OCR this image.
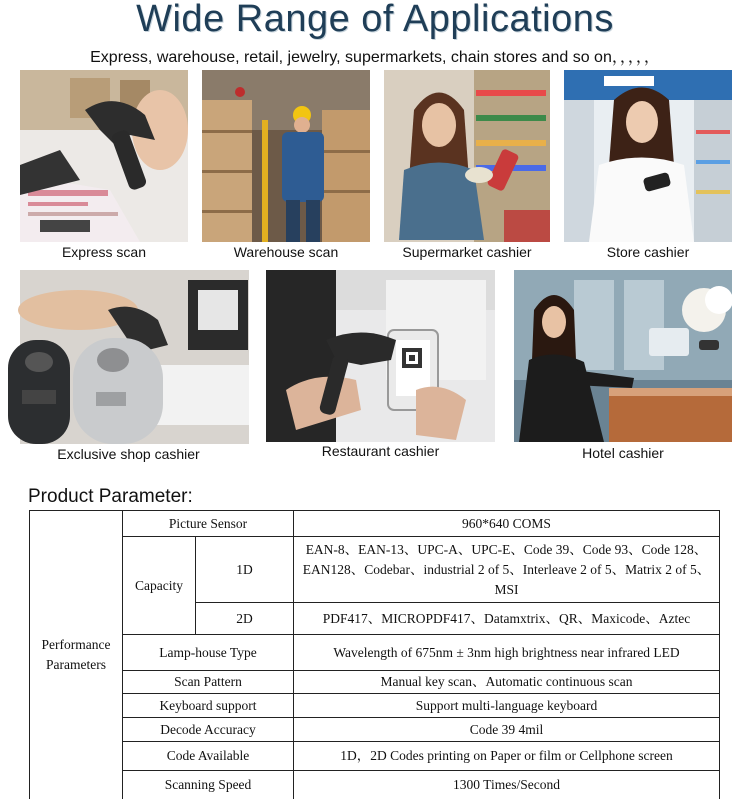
Wide Range of Applications
Express, warehouse, retail, jewelry, supermarkets, chain stores and so on，，，，，
Express scan	Warehouse scan	Supermarket cashier	Store cashier
Exclusive shop cashier	Restaurant cashier	Hotel cashier
Product Parameter:
Performance
Parameters	Picture Sensor		960*640 COMS
	Capacity	1D	EAN-8、EAN-13、UPC-A、UPC-E、Code 39、Code 93、Code 128、EAN128、Codebar、industrial 2 of 5、Interleave 2 of 5、Matrix 2 of 5、MSI
		2D	PDF417、MICROPDF417、Datamxtrix、QR、Maxicode、Aztec
	Lamp-house Type		Wavelength of 675nm ± 3nm high brightness near infrared LED
	Scan Pattern		Manual key scan、Automatic continuous scan
	Keyboard support		Support multi-language keyboard
	Decode Accuracy		Code 39 4mil
	Code Available		1D，2D Codes printing on Paper or film or Cellphone screen
	Scanning Speed		1300 Times/Second
